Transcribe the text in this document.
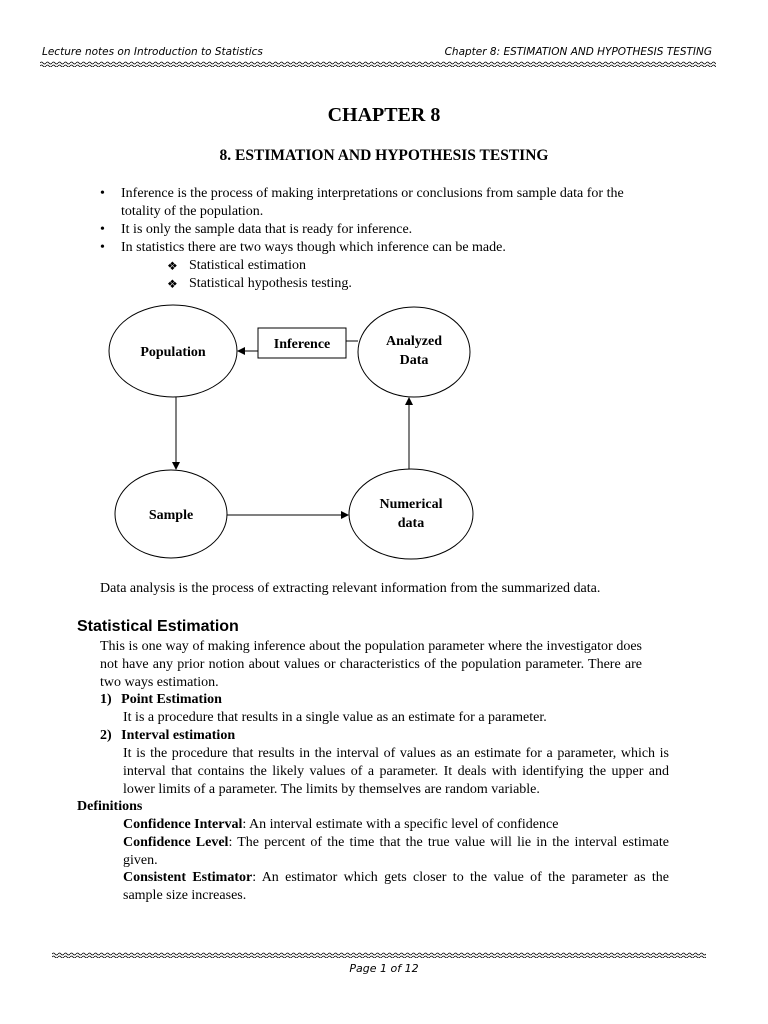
Lecture notes on Introduction to Statistics	Chapter 8: ESTIMATION AND HYPOTHESIS TESTING
CHAPTER 8
8. ESTIMATION AND HYPOTHESIS TESTING
• Inference is the process of making interpretations or conclusions from sample data for the
totality of the population.
• It is only the sample data that is ready for inference.
• In statistics there are two ways though which inference can be made.
❖ Statistical estimation
❖ Statistical hypothesis testing.
Population
Inference	Analyzed
Data
Sample
Numerical
data
Data analysis is the process of extracting relevant information from the summarized data.
Statistical Estimation
This is one way of making inference about the population parameter where the investigator does not have any prior notion about values or characteristics of the population parameter. There are two ways estimation.
1) Point Estimation
It is a procedure that results in a single value as an estimate for a parameter.
2) Interval estimation
It is the procedure that results in the interval of values as an estimate for a parameter, which is interval that contains the likely values of a parameter. It deals with identifying the upper and lower limits of a parameter. The limits by themselves are random variable.
Definitions
Confidence Interval: An interval estimate with a specific level of confidence
Confidence Level: The percent of the time that the true value will lie in the interval estimate given.
Consistent Estimator: An estimator which gets closer to the value of the parameter as the sample size increases.
Page 1 of 12
